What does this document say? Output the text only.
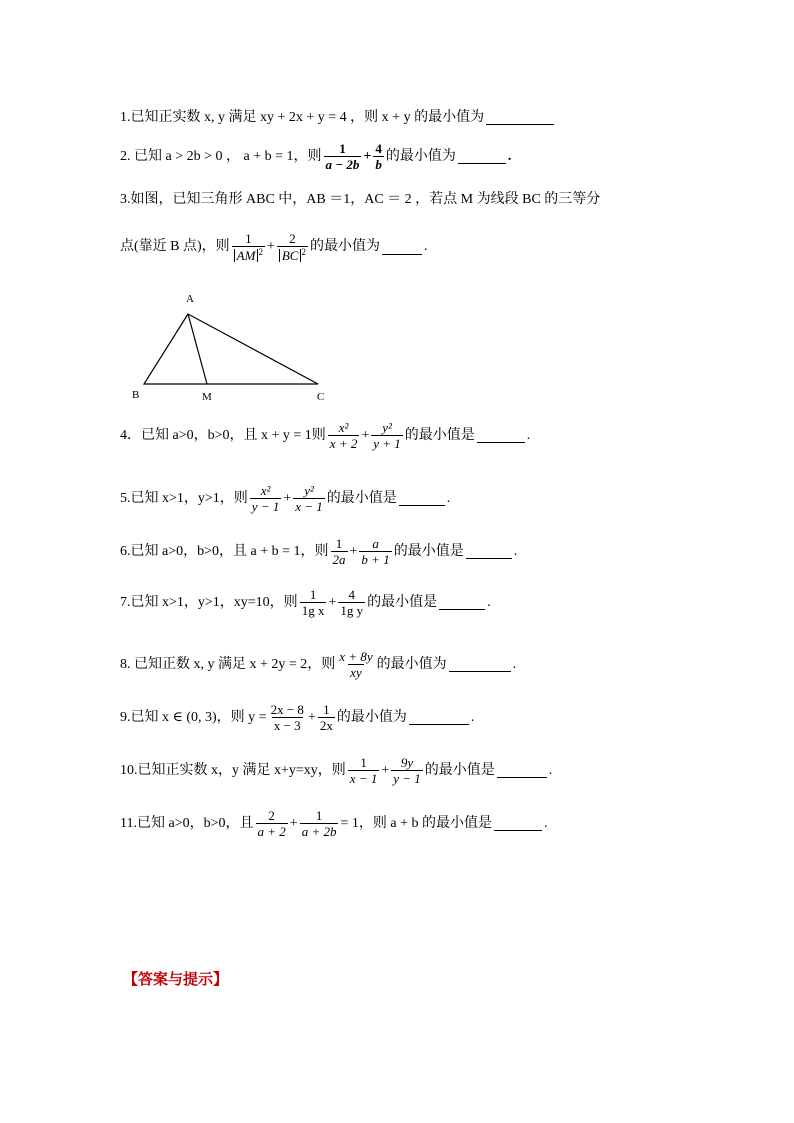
1.已知正实数 x, y 满足 xy + 2x + y = 4 ，则 x + y 的最小值为
2. 已知 a > 2b > 0 ， a + b = 1，则 $\frac{1}{a - 2b} + \frac{4}{b}$ 的最小值为	.
3.如图，已知三角形 ABC 中，AB ＝1，AC ＝ 2 ，若点 M 为线段 BC 的三等分
点(靠近 B 点)，则 $\frac{1}{AM ^2} + \frac{2}{BC ^2}$ 的最小值为	.
A
B	M	C
4．已知 a>0，b>0，且 x + y = 1则 $\frac{\text{x²}}{x + 2} + \frac{\text{y²}}{y + 1}$ 的最小值是	.
5.已知 x>1，y>1，则 $\frac{\text{x²}}{y - 1} + \frac{\text{y²}}{x - 1}$ 的最小值是	.
6.已知 a>0，b>0，且 a + b = 1，则 $\frac{1}{2a} + \frac{a}{b + 1}$ 的最小值是	.
7.已知 x>1，y>1，xy=10，则 $\frac{1}{\text{1g x}} + \frac{4}{\text{1g y}}$ 的最小值是	.
8. 已知正数 x, y 满足 x + 2y = 2，则 $\frac{x + 8y}{xy}$ 的最小值为	.
9.已知 x ∈ (0, 3)，则 $y = \frac{2x - 8}{x - 3} + \frac{1}{2x}$ 的最小值为	.
10.已知正实数 x，y 满足 x+y=xy，则 $\frac{1}{x - 1} + \frac{9y}{y - 1}$ 的最小值是	.
11.已知 a>0，b>0，且 $\frac{2}{a + 2} + \frac{1}{a + 2b} = 1$，则 a + b 的最小值是	.
【答案与提示】
